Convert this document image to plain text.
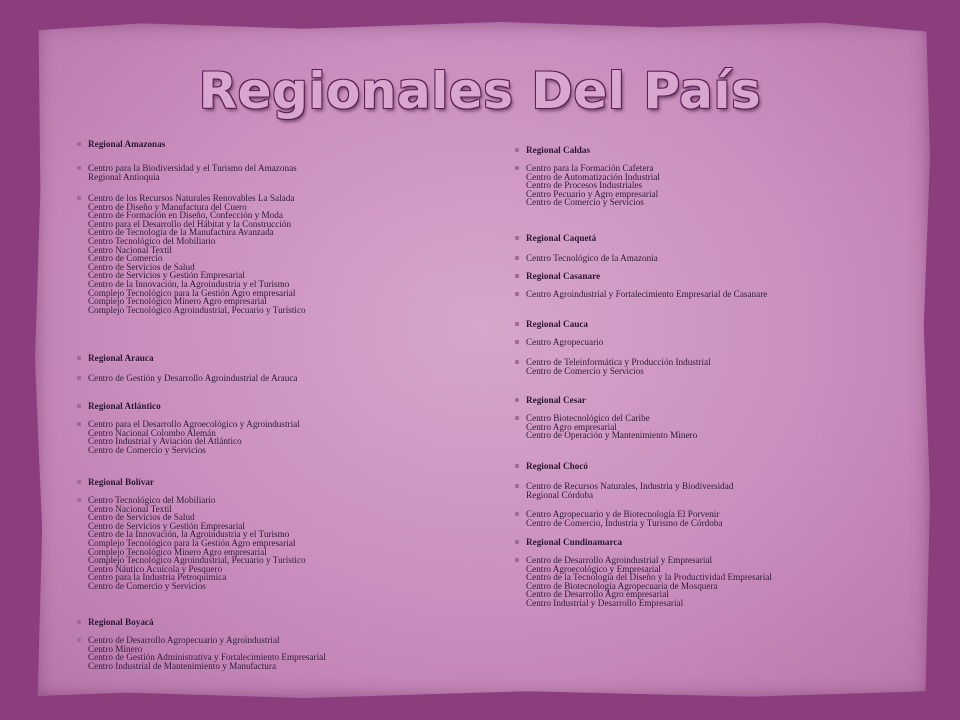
Regionales Del País
Regional Amazonas
Centro para la Biodiversidad y el Turismo del Amazonas
Regional Antioquia
Centro de los Recursos Naturales Renovables La Salada
Centro de Diseño y Manufactura del Cuero
Centro de Formación en Diseño, Confección y Moda
Centro para el Desarrollo del Hábitat y la Construcción
Centro de Tecnología de la Manufactura Avanzada
Centro Tecnológico del Mobiliario
Centro Nacional Textil
Centro de Comercio
Centro de Servicios de Salud
Centro de Servicios y Gestión Empresarial
Centro de la Innovación, la Agroindustria y el Turismo
Complejo Tecnológico para la Gestión Agro empresarial
Complejo Tecnológico Minero Agro empresarial
Complejo Tecnológico Agroindustrial, Pecuario y Turístico
Regional Arauca
Centro de Gestión y Desarrollo Agroindustrial de Arauca
Regional Atlántico
Centro para el Desarrollo Agroecológico y Agroindustrial
Centro Nacional Colombo Alemán
Centro Industrial y Aviación del Atlántico
Centro de Comercio y Servicios
Regional Bolívar
Centro Tecnológico del Mobiliario
Centro Nacional Textil
Centro de Servicios de Salud
Centro de Servicios y Gestión Empresarial
Centro de la Innovación, la Agroindustria y el Turismo
Complejo Tecnológico para la Gestión Agro empresarial
Complejo Tecnológico Minero Agro empresarial
Complejo Tecnológico Agroindustrial, Pecuario y Turístico
Centro Náutico Acuícola y Pesquero
Centro para la Industria Petroquímica
Centro de Comercio y Servicios
Regional Boyacá
Centro de Desarrollo Agropecuario y Agroindustrial
Centro Minero
Centro de Gestión Administrativa y Fortalecimiento Empresarial
Centro Industrial de Mantenimiento y Manufactura
Regional Caldas
Centro para la Formación Cafetera
Centro de Automatización Industrial
Centro de Procesos Industriales
Centro Pecuario y Agro empresarial
Centro de Comercio y Servicios
Regional Caquetá
Centro Tecnológico de la Amazonia
Regional Casanare
Centro Agroindustrial y Fortalecimiento Empresarial de Casanare
Regional Cauca
Centro Agropecuario
Centro de Teleinformática y Producción Industrial
Centro de Comercio y Servicios
Regional Cesar
Centro Biotecnológico del Caribe
Centro Agro empresarial
Centro de Operación y Mantenimiento Minero
Regional Chocó
Centro de Recursos Naturales, Industria y Biodiversidad
Regional Córdoba
Centro Agropecuario y de Biotecnología El Porvenir
Centro de Comercio, Industria y Turismo de Córdoba
Regional Cundinamarca
Centro de Desarrollo Agroindustrial y Empresarial
Centro Agroecológico y Empresarial
Centro de la Tecnología del Diseño y la Productividad Empresarial
Centro de Biotecnología Agropecuaria de Mosquera
Centro de Desarrollo Agro empresarial
Centro Industrial y Desarrollo Empresarial
